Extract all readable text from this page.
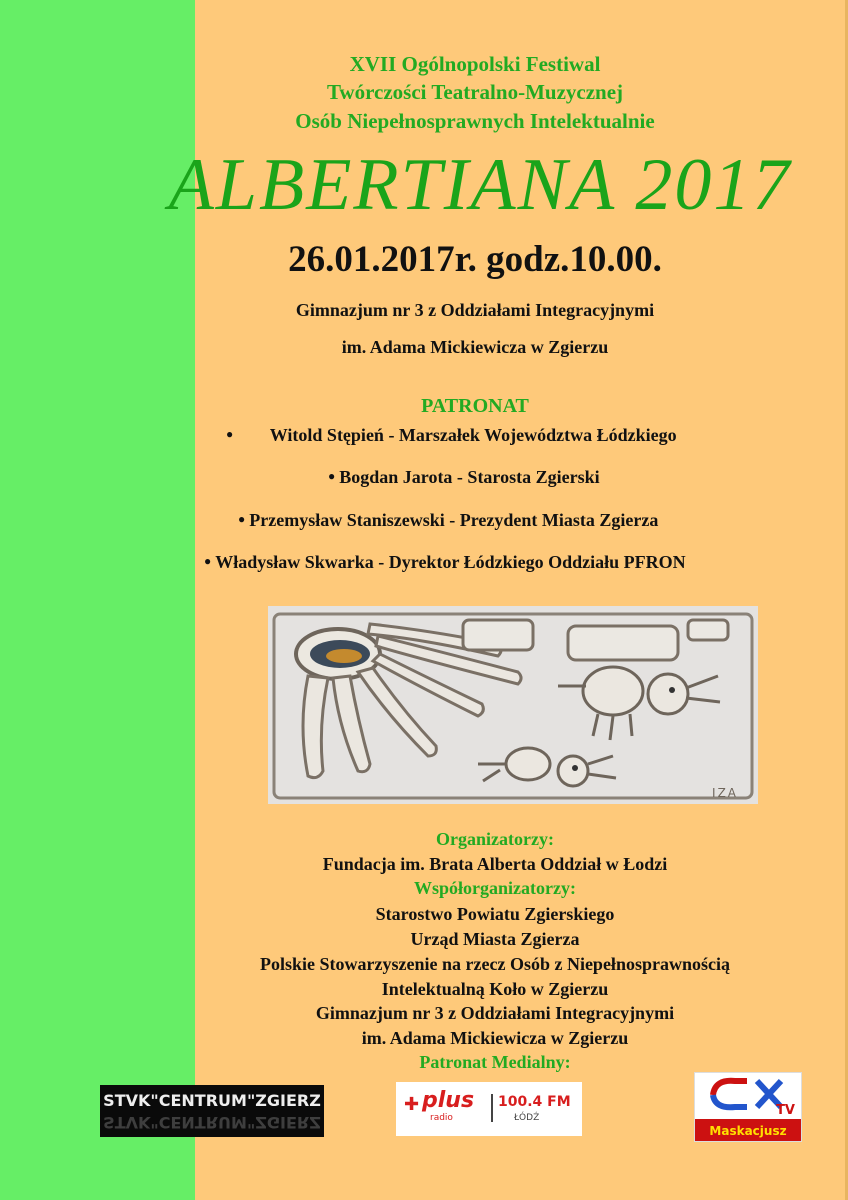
XVII Ogólnopolski Festiwal
Twórczości Teatralno-Muzycznej
Osób Niepełnosprawnych Intelektualnie
ALBERTIANA 2017
26.01.2017r. godz.10.00.
Gimnazjum nr 3 z Oddziałami Integracyjnymi
im. Adama Mickiewicza w Zgierzu
PATRONAT
● Witold Stępień - Marszałek Województwa Łódzkiego
● Bogdan Jarota - Starosta Zgierski
● Przemysław Staniszewski - Prezydent Miasta Zgierza
● Władysław Skwarka - Dyrektor Łódzkiego Oddziału PFRON
IZA
Organizatorzy:
Fundacja im. Brata Alberta Oddział w Łodzi
Współorganizatorzy:
Starostwo Powiatu Zgierskiego
Urząd Miasta Zgierza
Polskie Stowarzyszenie na rzecz Osób z Niepełnosprawnością
Intelektualną Koło w Zgierzu
Gimnazjum nr 3 z Oddziałami Integracyjnymi
im. Adama Mickiewicza w Zgierzu
Patronat Medialny:
STVK"CENTRUM"ZGIERZ
STVK"CENTRUM"ZGIERZ
✚ plus
radio
100.4 FM
ŁÓDŹ	TV
Maskacjusz
